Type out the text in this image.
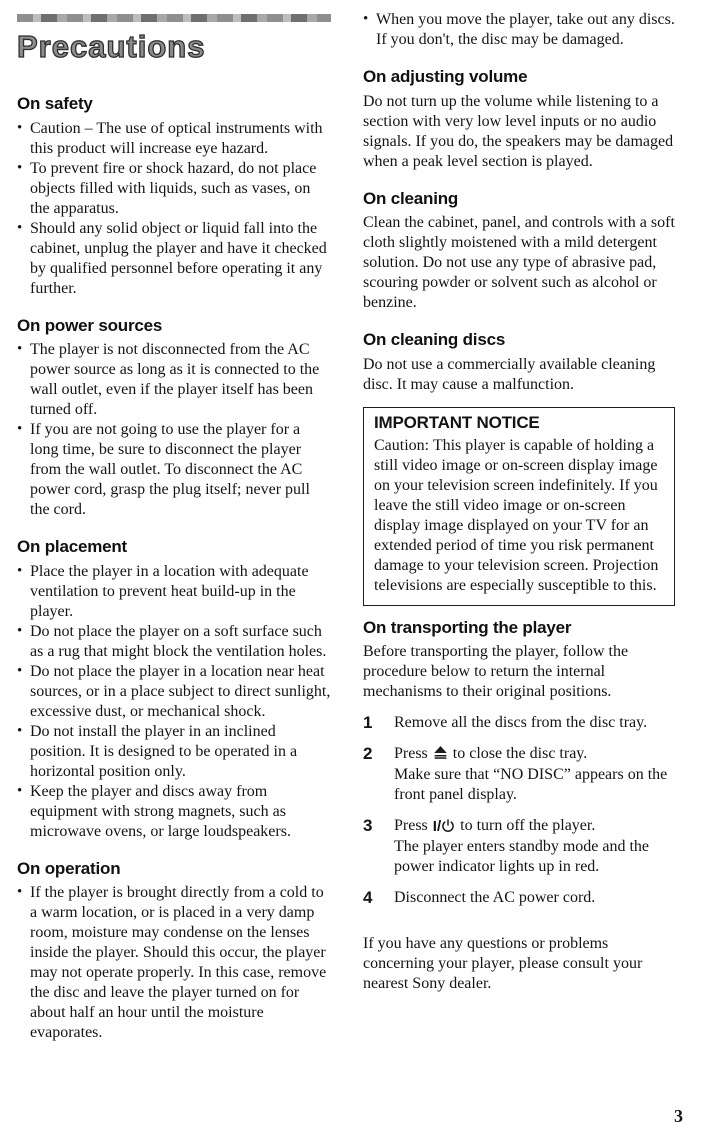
Precautions
On safety
• Caution – The use of optical instruments with this product will increase eye hazard.
• To prevent fire or shock hazard, do not place objects filled with liquids, such as vases, on the apparatus.
• Should any solid object or liquid fall into the cabinet, unplug the player and have it checked by qualified personnel before operating it any further.
On power sources
• The player is not disconnected from the AC power source as long as it is connected to the wall outlet, even if the player itself has been turned off.
• If you are not going to use the player for a long time, be sure to disconnect the player from the wall outlet. To disconnect the AC power cord, grasp the plug itself; never pull the cord.
On placement
• Place the player in a location with adequate ventilation to prevent heat build-up in the player.
• Do not place the player on a soft surface such as a rug that might block the ventilation holes.
• Do not place the player in a location near heat sources, or in a place subject to direct sunlight, excessive dust, or mechanical shock.
• Do not install the player in an inclined position. It is designed to be operated in a horizontal position only.
• Keep the player and discs away from equipment with strong magnets, such as microwave ovens, or large loudspeakers.
On operation
• If the player is brought directly from a cold to a warm location, or is placed in a very damp room, moisture may condense on the lenses inside the player. Should this occur, the player may not operate properly. In this case, remove the disc and leave the player turned on for about half an hour until the moisture evaporates.
• When you move the player, take out any discs. If you don't, the disc may be damaged.
On adjusting volume

Do not turn up the volume while listening to a section with very low level inputs or no audio signals. If you do, the speakers may be damaged when a peak level section is played.

On cleaning

Clean the cabinet, panel, and controls with a soft cloth slightly moistened with a mild detergent solution. Do not use any type of abrasive pad, scouring powder or solvent such as alcohol or benzine.

On cleaning discs

Do not use a commercially available cleaning disc. It may cause a malfunction.

IMPORTANT NOTICE

Caution: This player is capable of holding a still video image or on-screen display image on your television screen indefinitely. If you leave the still video image or on-screen display image displayed on your TV for an extended period of time you risk permanent damage to your television screen. Projection televisions are especially susceptible to this.

On transporting the player

Before transporting the player, follow the procedure below to return the internal mechanisms to their original positions.

1	Remove all the discs from the disc tray.
2	Press to close the disc tray.
Make sure that “NO DISC” appears on the front panel display.
3	Press I/ to turn off the player.
The player enters standby mode and the power indicator lights up in red.
4	Disconnect the AC power cord.

If you have any questions or problems concerning your player, please consult your nearest Sony dealer.

3
